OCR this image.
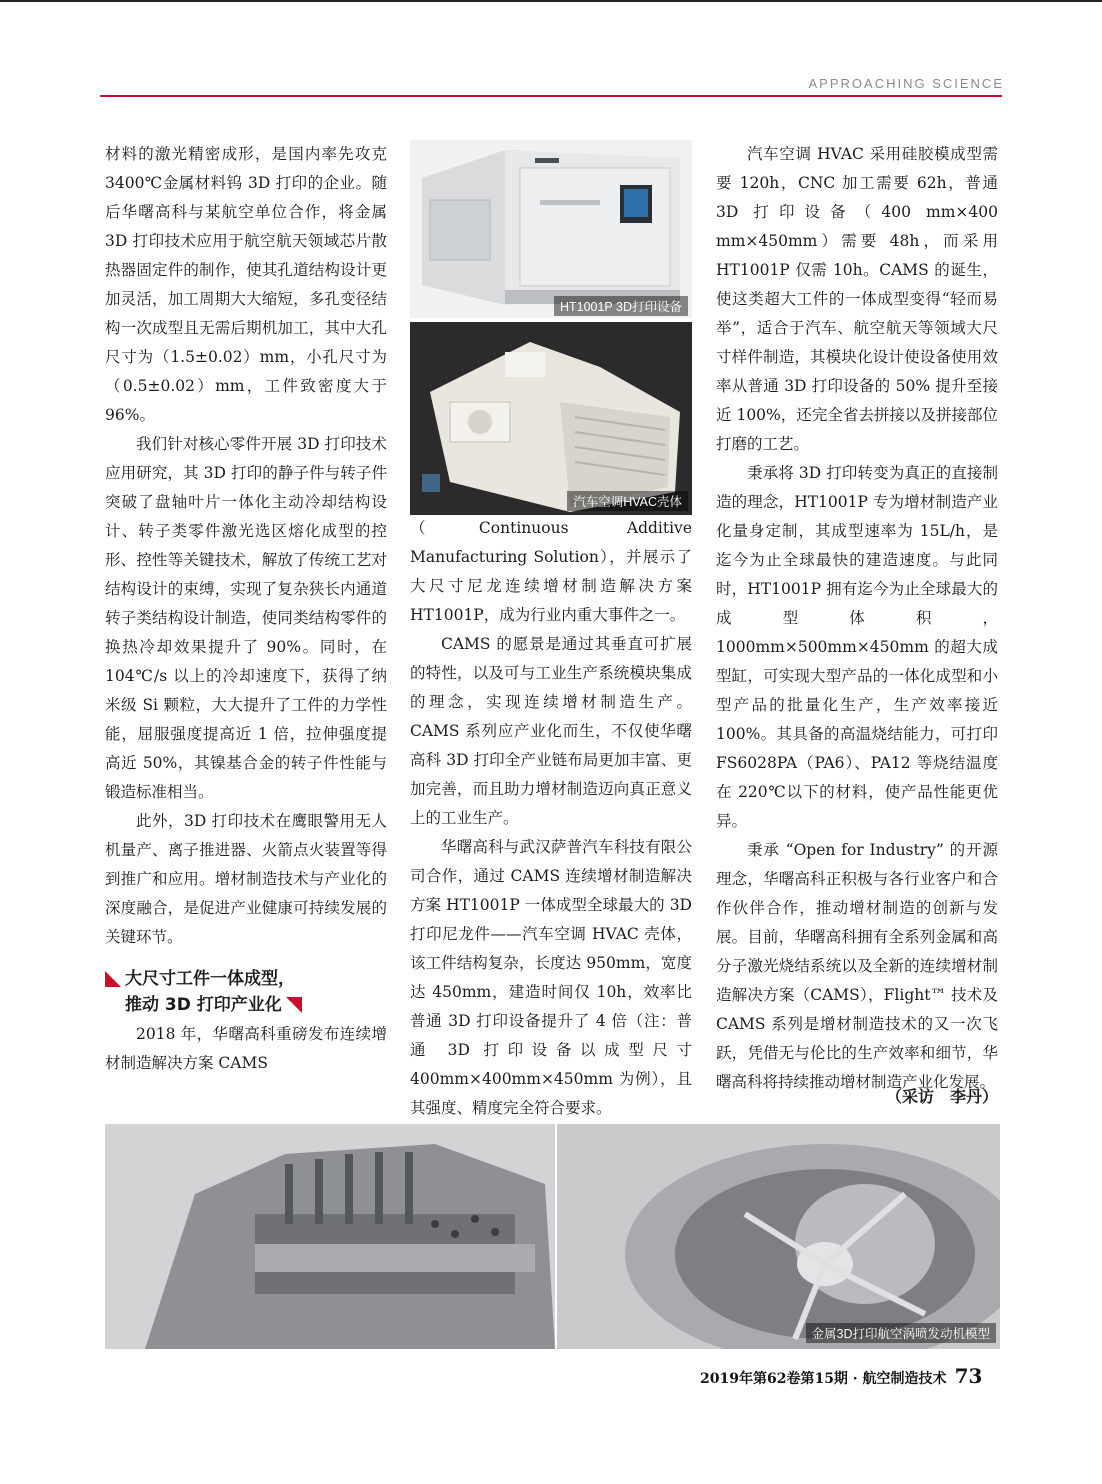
APPROACHING SCIENCE

材料的激光精密成形，是国内率先攻克 3400℃金属材料钨 3D 打印的企业。随后华曙高科与某航空单位合作，将金属 3D 打印技术应用于航空航天领域芯片散热器固定件的制作，使其孔道结构设计更加灵活，加工周期大大缩短，多孔变径结构一次成型且无需后期机加工，其中大孔尺寸为（1.5±0.02）mm，小孔尺寸为（0.5±0.02）mm，工件致密度大于 96%。

我们针对核心零件开展 3D 打印技术应用研究，其 3D 打印的静子件与转子件突破了盘轴叶片一体化主动冷却结构设计、转子类零件激光选区熔化成型的控形、控性等关键技术，解放了传统工艺对结构设计的束缚，实现了复杂狭长内通道转子类结构设计制造，使同类结构零件的换热冷却效果提升了 90%。同时，在 104℃/s 以上的冷却速度下，获得了纳米级 Si 颗粒，大大提升了工件的力学性能，屈服强度提高近 1 倍，拉伸强度提高近 50%，其镍基合金的转子件性能与锻造标准相当。

此外，3D 打印技术在鹰眼警用无人机量产、离子推进器、火箭点火装置等得到推广和应用。增材制造技术与产业化的深度融合，是促进产业健康可持续发展的关键环节。

大尺寸工件一体成型，
推动 3D 打印产业化

2018 年，华曙高科重磅发布连续增材制造解决方案 CAMS

HT1001P 3D打印设备
汽车空调HVAC壳体

（Continuous Additive Manufacturing Solution），并展示了大尺寸尼龙连续增材制造解决方案 HT1001P，成为行业内重大事件之一。

CAMS 的愿景是通过其垂直可扩展的特性，以及可与工业生产系统模块集成的理念，实现连续增材制造生产。CAMS 系列应产业化而生，不仅使华曙高科 3D 打印全产业链布局更加丰富、更加完善，而且助力增材制造迈向真正意义上的工业生产。

华曙高科与武汉萨普汽车科技有限公司合作，通过 CAMS 连续增材制造解决方案 HT1001P 一体成型全球最大的 3D 打印尼龙件——汽车空调 HVAC 壳体，该工件结构复杂，长度达 950mm，宽度达 450mm，建造时间仅 10h，效率比普通 3D 打印设备提升了 4 倍（注：普通 3D 打印设备以成型尺寸 400mm×400mm×450mm 为例），且其强度、精度完全符合要求。

汽车空调 HVAC 采用硅胶模成型需要 120h，CNC 加工需要 62h，普通 3D 打印设备（400 mm×400 mm×450mm）需要 48h，而采用 HT1001P 仅需 10h。CAMS 的诞生，使这类超大工件的一体成型变得“轻而易举”，适合于汽车、航空航天等领域大尺寸样件制造，其模块化设计使设备使用效率从普通 3D 打印设备的 50% 提升至接近 100%，还完全省去拼接以及拼接部位打磨的工艺。

秉承将 3D 打印转变为真正的直接制造的理念，HT1001P 专为增材制造产业化量身定制，其成型速率为 15L/h，是迄今为止全球最快的建造速度。与此同时，HT1001P 拥有迄今为止全球最大的成型体积，1000mm×500mm×450mm 的超大成型缸，可实现大型产品的一体化成型和小型产品的批量化生产，生产效率接近 100%。其具备的高温烧结能力，可打印 FS6028PA（PA6）、PA12 等烧结温度在 220℃以下的材料，使产品性能更优异。

秉承 “Open for Industry” 的开源理念，华曙高科正积极与各行业客户和合作伙伴合作，推动增材制造的创新与发展。目前，华曙高科拥有全系列金属和高分子激光烧结系统以及全新的连续增材制造解决方案（CAMS），Flight™ 技术及 CAMS 系列是增材制造技术的又一次飞跃，凭借无与伦比的生产效率和细节，华曙高科将持续推动增材制造产业化发展。

（采访　李丹）
金属3D打印航空涡喷发动机模型
2019年第62卷第15期 · 航空制造技术 73
